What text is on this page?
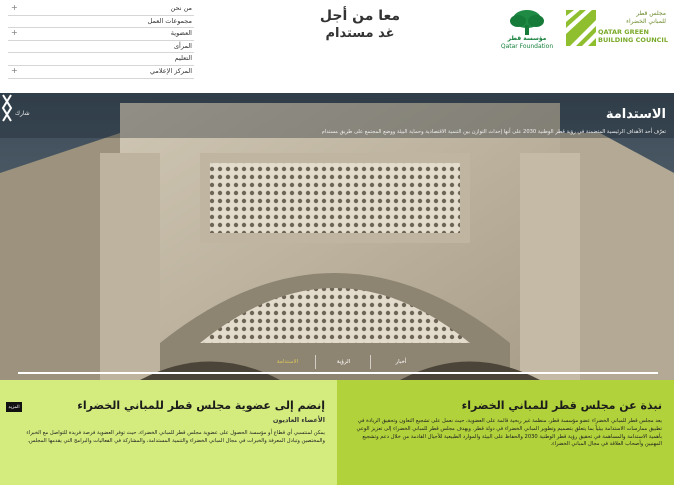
+	من نحن
مجموعات العمل
+	العضوية
المرأى
التعليم
+	المركز الإعلامي
معا من أجل
غد مستدام	مؤسسة قطر
Qatar Foundation
مجلس قطر
للمباني الخضراء
QATAR GREEN
BUILDING COUNCIL
الاستدامة
تعرّف أحد الأهداف الرئيسية المتضمنة في رؤية قطر الوطنية 2030 على أنها إحداث التوازن بين التنمية الاقتصادية وحماية البيئة ووضع المجتمع على طريق مستدام
شارك
الاستدامة	الرؤية	أخبار
المزيد	إنضم إلى عضوية مجلس قطر للمباني الخضراء
الأعضاء العاديون
يمكن لمنتسبي أي قطاع أو مؤسسة الحصول على عضوية مجلس قطر للمباني الخضراء، حيث توفر العضوية فرصة فريدة للتواصل مع الخبراء والمختصين وتبادل المعرفة والخبرات في مجال المباني الخضراء والتنمية المستدامة، والمشاركة في الفعاليات والبرامج التي يقدمها المجلس.
نبذة عن مجلس قطر للمباني الخضراء
يعد مجلس قطر للمباني الخضراء عضو مؤسسة قطر، منظمة غير ربحية قائمة على العضوية، حيث نعمل على تشجيع التعاون وتحقيق الريادة في تطبيق ممارسات الاستدامة بيئياً بما يتعلق بتصميم وتطوير المباني الخضراء في دولة قطر. ويهدف مجلس قطر للمباني الخضراء إلى تعزيز الوعي بأهمية الاستدامة والمساهمة في تحقيق رؤية قطر الوطنية 2030 والحفاظ على البيئة والموارد الطبيعية للأجيال القادمة من خلال دعم وتشجيع المهنيين وأصحاب العلاقة في مجال المباني الخضراء.
